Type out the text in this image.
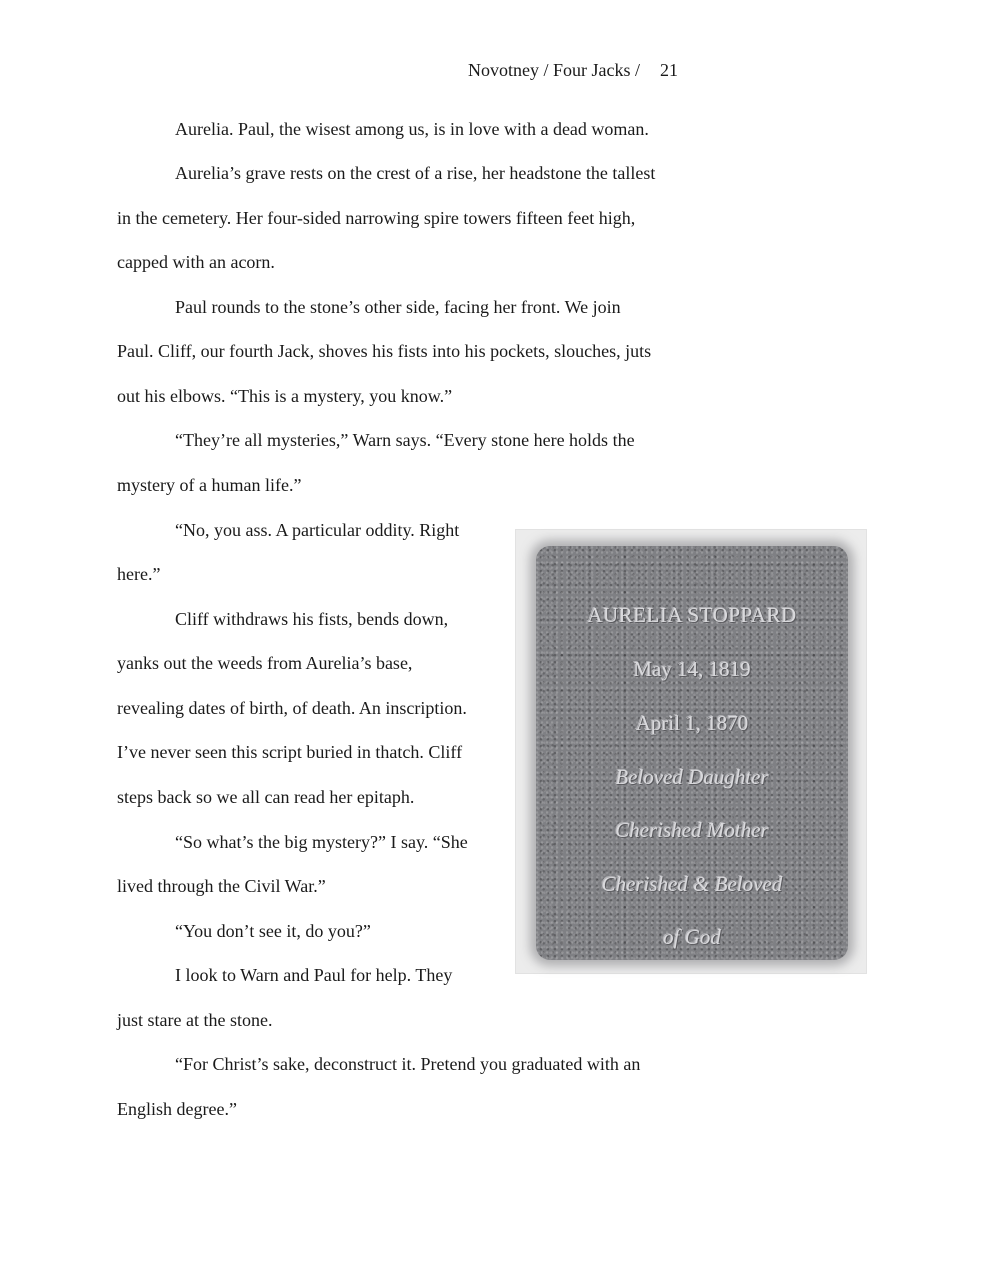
Novotney / Four Jacks / 21
Aurelia. Paul, the wisest among us, is in love with a dead woman.
Aurelia’s grave rests on the crest of a rise, her headstone the tallest
in the cemetery. Her four-sided narrowing spire towers fifteen feet high,
capped with an acorn.
Paul rounds to the stone’s other side, facing her front. We join
Paul. Cliff, our fourth Jack, shoves his fists into his pockets, slouches, juts
out his elbows. “This is a mystery, you know.”
“They’re all mysteries,” Warn says. “Every stone here holds the
mystery of a human life.”
“No, you ass. A particular oddity. Right
here.”
Cliff withdraws his fists, bends down,
yanks out the weeds from Aurelia’s base,
revealing dates of birth, of death. An inscription.
I’ve never seen this script buried in thatch. Cliff
steps back so we all can read her epitaph.
“So what’s the big mystery?” I say. “She
lived through the Civil War.”
“You don’t see it, do you?”
I look to Warn and Paul for help. They
just stare at the stone.
“For Christ’s sake, deconstruct it. Pretend you graduated with an
English degree.”
AURELIA STOPPARD
May 14, 1819
April 1, 1870
Beloved Daughter
Cherished Mother
Cherished & Beloved
of God
